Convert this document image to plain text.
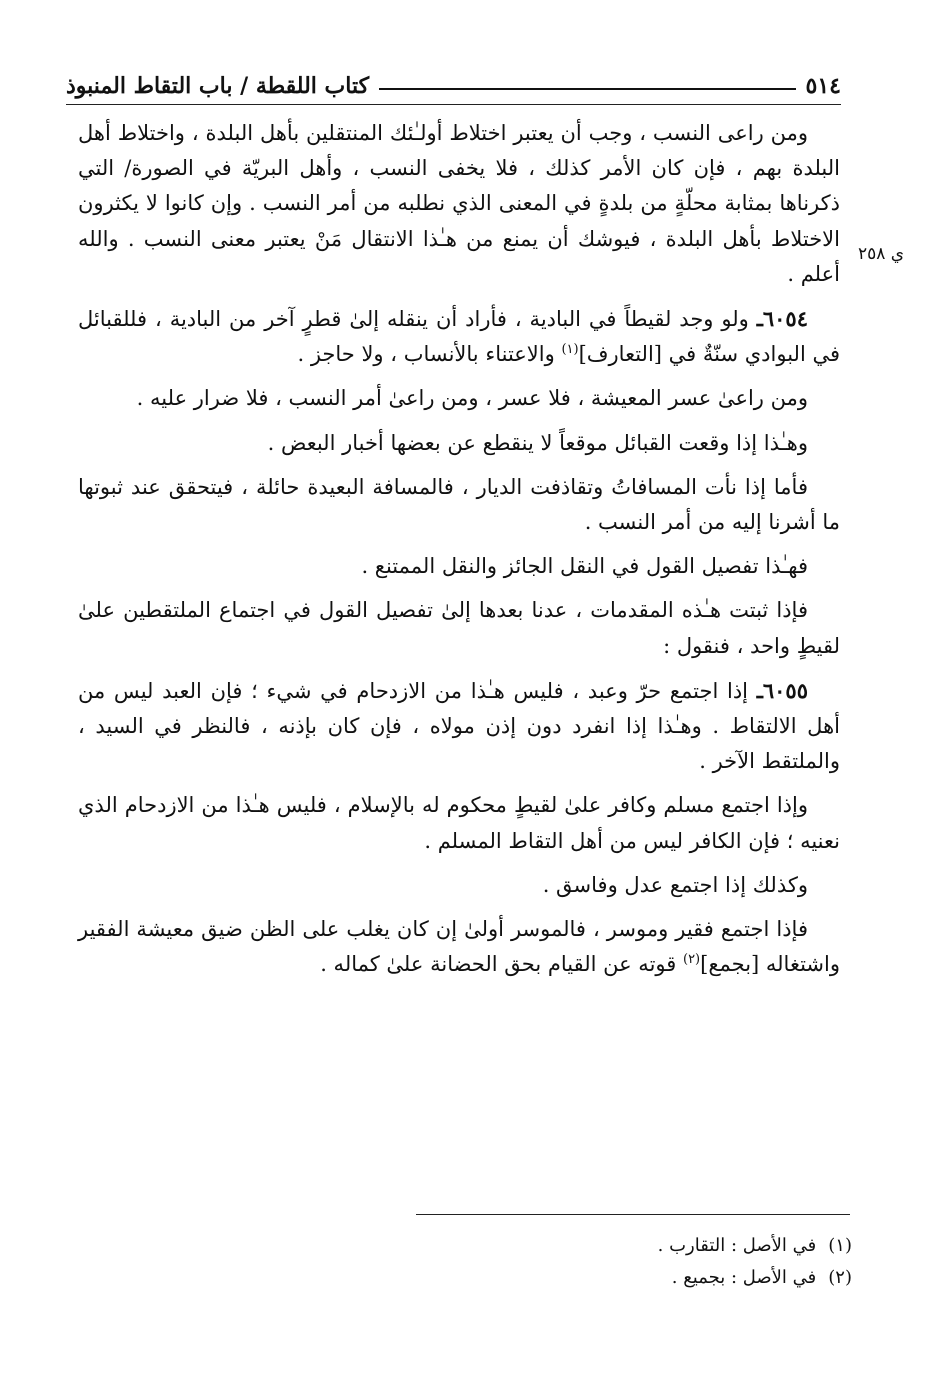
٥١٤
كتاب اللقطة / باب التقاط المنبوذ
ي ٢٥٨

ومن راعى النسب ، وجب أن يعتبر اختلاط أولـٰئك المنتقلين بأهل البلدة ، واختلاط أهل البلدة بهم ، فإن كان الأمر كذلك ، فلا يخفى النسب ، وأهل البريّة في الصورة/ التي ذكرناها بمثابة محلّةٍ من بلدةٍ في المعنى الذي نطلبه من أمر النسب . وإن كانوا لا يكثرون الاختلاط بأهل البلدة ، فيوشك أن يمنع من هـٰذا الانتقال مَنْ يعتبر معنى النسب . والله أعلم .

٦٠٥٤ـ ولو وجد لقيطاً في البادية ، فأراد أن ينقله إلىٰ قطرٍ آخر من البادية ، فللقبائل في البوادي سنّةٌ في [التعارف]$^{(١)}$ والاعتناء بالأنساب ، ولا حاجز .

ومن راعىٰ عسر المعيشة ، فلا عسر ، ومن راعىٰ أمر النسب ، فلا ضرار عليه .

وهـٰذا إذا وقعت القبائل موقعاً لا ينقطع عن بعضها أخبار البعض .

فأما إذا نأت المسافاتُ وتقاذفت الديار ، فالمسافة البعيدة حائلة ، فيتحقق عند ثبوتها ما أشرنا إليه من أمر النسب .

فهـٰذا تفصيل القول في النقل الجائز والنقل الممتنع .

فإذا ثبتت هـٰذه المقدمات ، عدنا بعدها إلىٰ تفصيل القول في اجتماع الملتقطين علىٰ لقيطٍ واحد ، فنقول :

٦٠٥٥ـ إذا اجتمع حرّ وعبد ، فليس هـٰذا من الازدحام في شيء ؛ فإن العبد ليس من أهل الالتقاط . وهـٰذا إذا انفرد دون إذن مولاه ، فإن كان بإذنه ، فالنظر في السيد ، والملتقط الآخر .

وإذا اجتمع مسلم وكافر علىٰ لقيطٍ محكوم له بالإسلام ، فليس هـٰذا من الازدحام الذي نعنيه ؛ فإن الكافر ليس من أهل التقاط المسلم .

وكذلك إذا اجتمع عدل وفاسق .

فإذا اجتمع فقير وموسر ، فالموسر أولىٰ إن كان يغلب على الظن ضيق معيشة الفقير واشتغاله [بجمع]$^{(٢)}$ قوته عن القيام بحق الحضانة علىٰ كماله .

(١)
في الأصل : التقارب .
(٢)
في الأصل : بجميع .
